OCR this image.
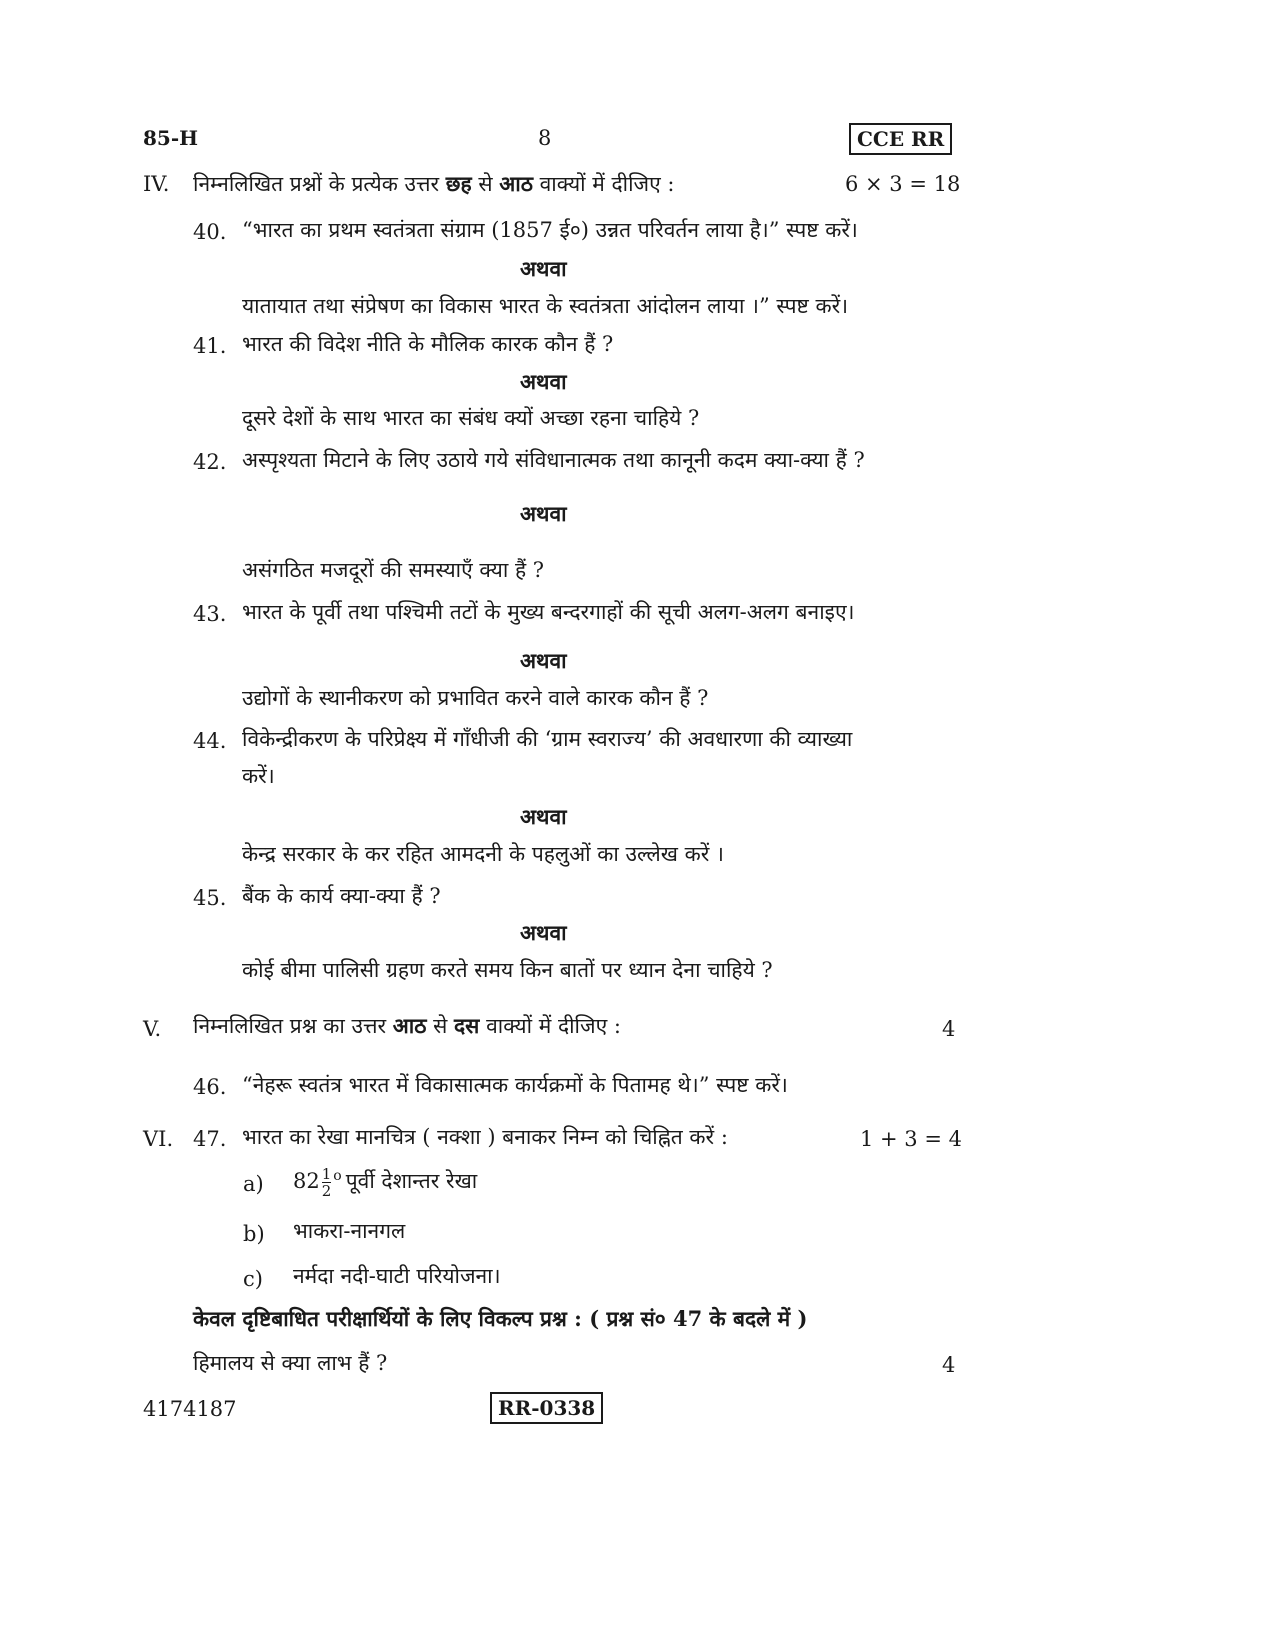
85-H	8	CCE RR
IV. निम्नलिखित प्रश्नों के प्रत्येक उत्तर छह से आठ वाक्यों में दीजिए :	6 × 3 = 18
40. “भारत का प्रथम स्वतंत्रता संग्राम (1857 ई०) उन्नत परिवर्तन लाया है।” स्पष्ट करें।
अथवा
यातायात तथा संप्रेषण का विकास भारत के स्वतंत्रता आंदोलन लाया ।” स्पष्ट करें।
41. भारत की विदेश नीति के मौलिक कारक कौन हैं ?
अथवा
दूसरे देशों के साथ भारत का संबंध क्यों अच्छा रहना चाहिये ?
42. अस्पृश्यता मिटाने के लिए उठाये गये संविधानात्मक तथा कानूनी कदम क्या-क्या हैं ?
अथवा
असंगठित मजदूरों की समस्याएँ क्या हैं ?
43. भारत के पूर्वी तथा पश्चिमी तटों के मुख्य बन्दरगाहों की सूची अलग-अलग बनाइए।
अथवा
उद्योगों के स्थानीकरण को प्रभावित करने वाले कारक कौन हैं ?
44. विकेन्द्रीकरण के परिप्रेक्ष्य में गाँधीजी की ‘ग्राम स्वराज्य’ की अवधारणा की व्याख्या
करें।
अथवा
केन्द्र सरकार के कर रहित आमदनी के पहलुओं का उल्लेख करें ।
45. बैंक के कार्य क्या-क्या हैं ?
अथवा
कोई बीमा पालिसी ग्रहण करते समय किन बातों पर ध्यान देना चाहिये ?
V. निम्नलिखित प्रश्न का उत्तर आठ से दस वाक्यों में दीजिए :	4
46. “नेहरू स्वतंत्र भारत में विकासात्मक कार्यक्रमों के पितामह थे।” स्पष्ट करें।
VI. 47. भारत का रेखा मानचित्र ( नक्शा ) बनाकर निम्न को चिह्नित करें :	1 + 3 = 4
a) $82 \frac{1}{2} ^o$ पूर्वी देशान्तर रेखा
b) भाकरा-नानगल
c) नर्मदा नदी-घाटी परियोजना।
केवल दृष्टिबाधित परीक्षार्थियों के लिए विकल्प प्रश्न : ( प्रश्न सं० 47 के बदले में )
हिमालय से क्या लाभ हैं ?	4
4174187	RR-0338
